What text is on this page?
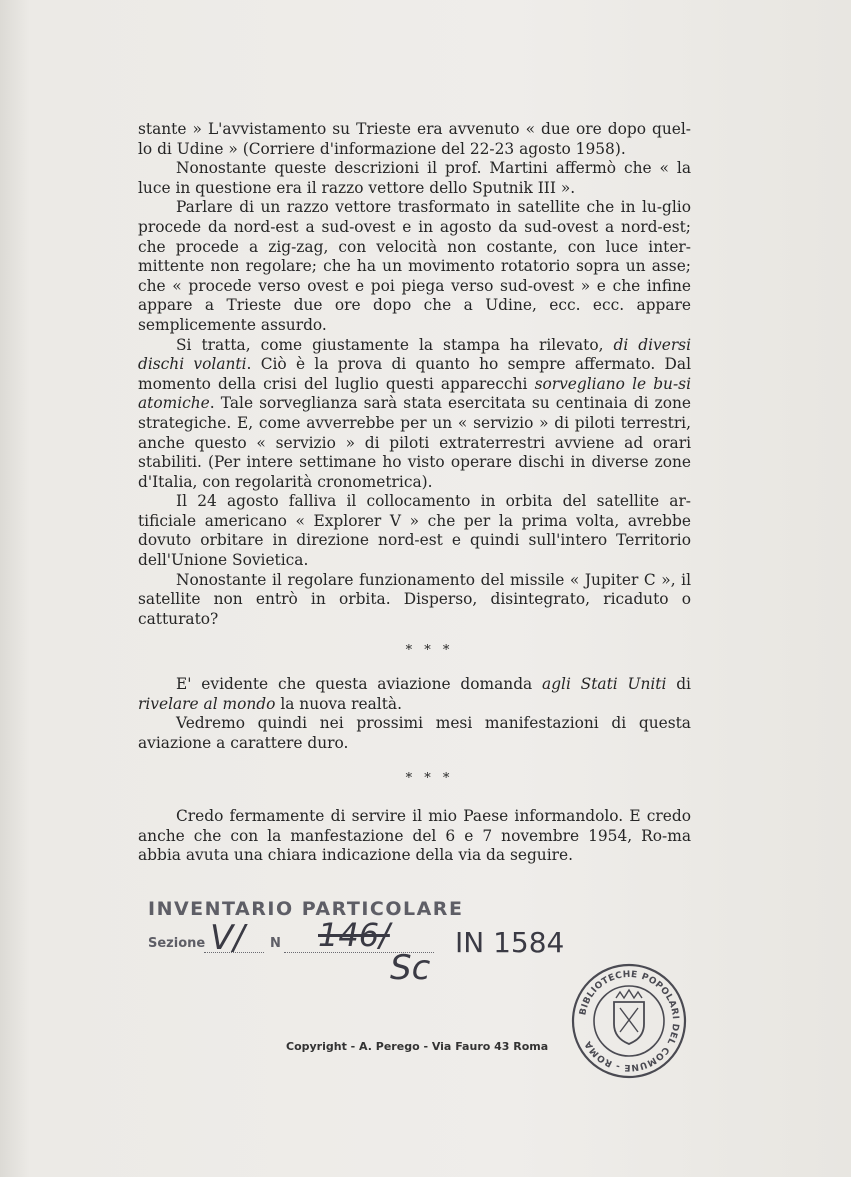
stante » L'avvistamento su Trieste era avvenuto « due ore dopo quel-lo di Udine » (Corriere d'informazione del 22-23 agosto 1958).

Nonostante queste descrizioni il prof. Martini affermò che « la luce in questione era il razzo vettore dello Sputnik III ».

Parlare di un razzo vettore trasformato in satellite che in lu-glio procede da nord-est a sud-ovest e in agosto da sud-ovest a nord-est; che procede a zig-zag, con velocità non costante, con luce inter-mittente non regolare; che ha un movimento rotatorio sopra un asse; che « procede verso ovest e poi piega verso sud-ovest » e che infine appare a Trieste due ore dopo che a Udine, ecc. ecc. appare semplicemente assurdo.

Si tratta, come giustamente la stampa ha rilevato, di diversi dischi volanti. Ciò è la prova di quanto ho sempre affermato. Dal momento della crisi del luglio questi apparecchi sorvegliano le bu-si atomiche. Tale sorveglianza sarà stata esercitata su centinaia di zone strategiche. E, come avverrebbe per un « servizio » di piloti terrestri, anche questo « servizio » di piloti extraterrestri avviene ad orari stabiliti. (Per intere settimane ho visto operare dischi in diverse zone d'Italia, con regolarità cronometrica).

Il 24 agosto falliva il collocamento in orbita del satellite ar-tificiale americano « Explorer V » che per la prima volta, avrebbe dovuto orbitare in direzione nord-est e quindi sull'intero Territorio dell'Unione Sovietica.

Nonostante il regolare funzionamento del missile « Jupiter C », il satellite non entrò in orbita. Disperso, disintegrato, ricaduto o catturato?

* * *

E' evidente che questa aviazione domanda agli Stati Uniti di rivelare al mondo la nuova realtà.

Vedremo quindi nei prossimi mesi manifestazioni di questa aviazione a carattere duro.

* * *

Credo fermamente di servire il mio Paese informandolo. E credo anche che con la manfestazione del 6 e 7 novembre 1954, Ro-ma abbia avuta una chiara indicazione della via da seguire.

INVENTARIO PARTICOLARE
Sezione	N
V/ 146/ IN 1584
Sc
BIBLIOTECHE POPOLARI DEL COMUNE - ROMA
Copyright - A. Perego - Via Fauro 43 Roma
